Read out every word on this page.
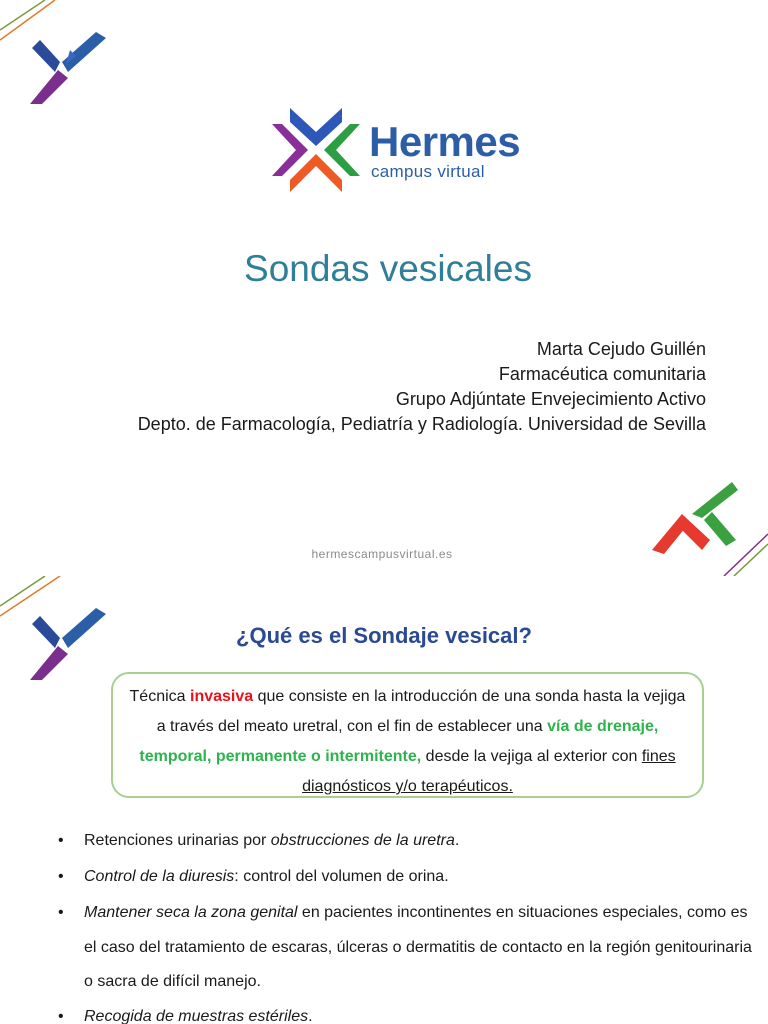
Hermes
campus virtual
Sondas vesicales
Marta Cejudo Guillén
Farmacéutica comunitaria
Grupo Adjúntate Envejecimiento Activo
Depto. de Farmacología, Pediatría y Radiología. Universidad de Sevilla
hermescampusvirtual.es
¿Qué es el Sondaje vesical?
Técnica invasiva que consiste en la introducción de una sonda hasta la vejiga a través del meato uretral, con el fin de establecer una vía de drenaje, temporal, permanente o intermitente, desde la vejiga al exterior con fines diagnósticos y/o terapéuticos.
• Retenciones urinarias por obstrucciones de la uretra.
• Control de la diuresis: control del volumen de orina.
• Mantener seca la zona genital en pacientes incontinentes en situaciones especiales, como es el caso del tratamiento de escaras, úlceras o dermatitis de contacto en la región genitourinaria o sacra de difícil manejo.
• Recogida de muestras estériles.
